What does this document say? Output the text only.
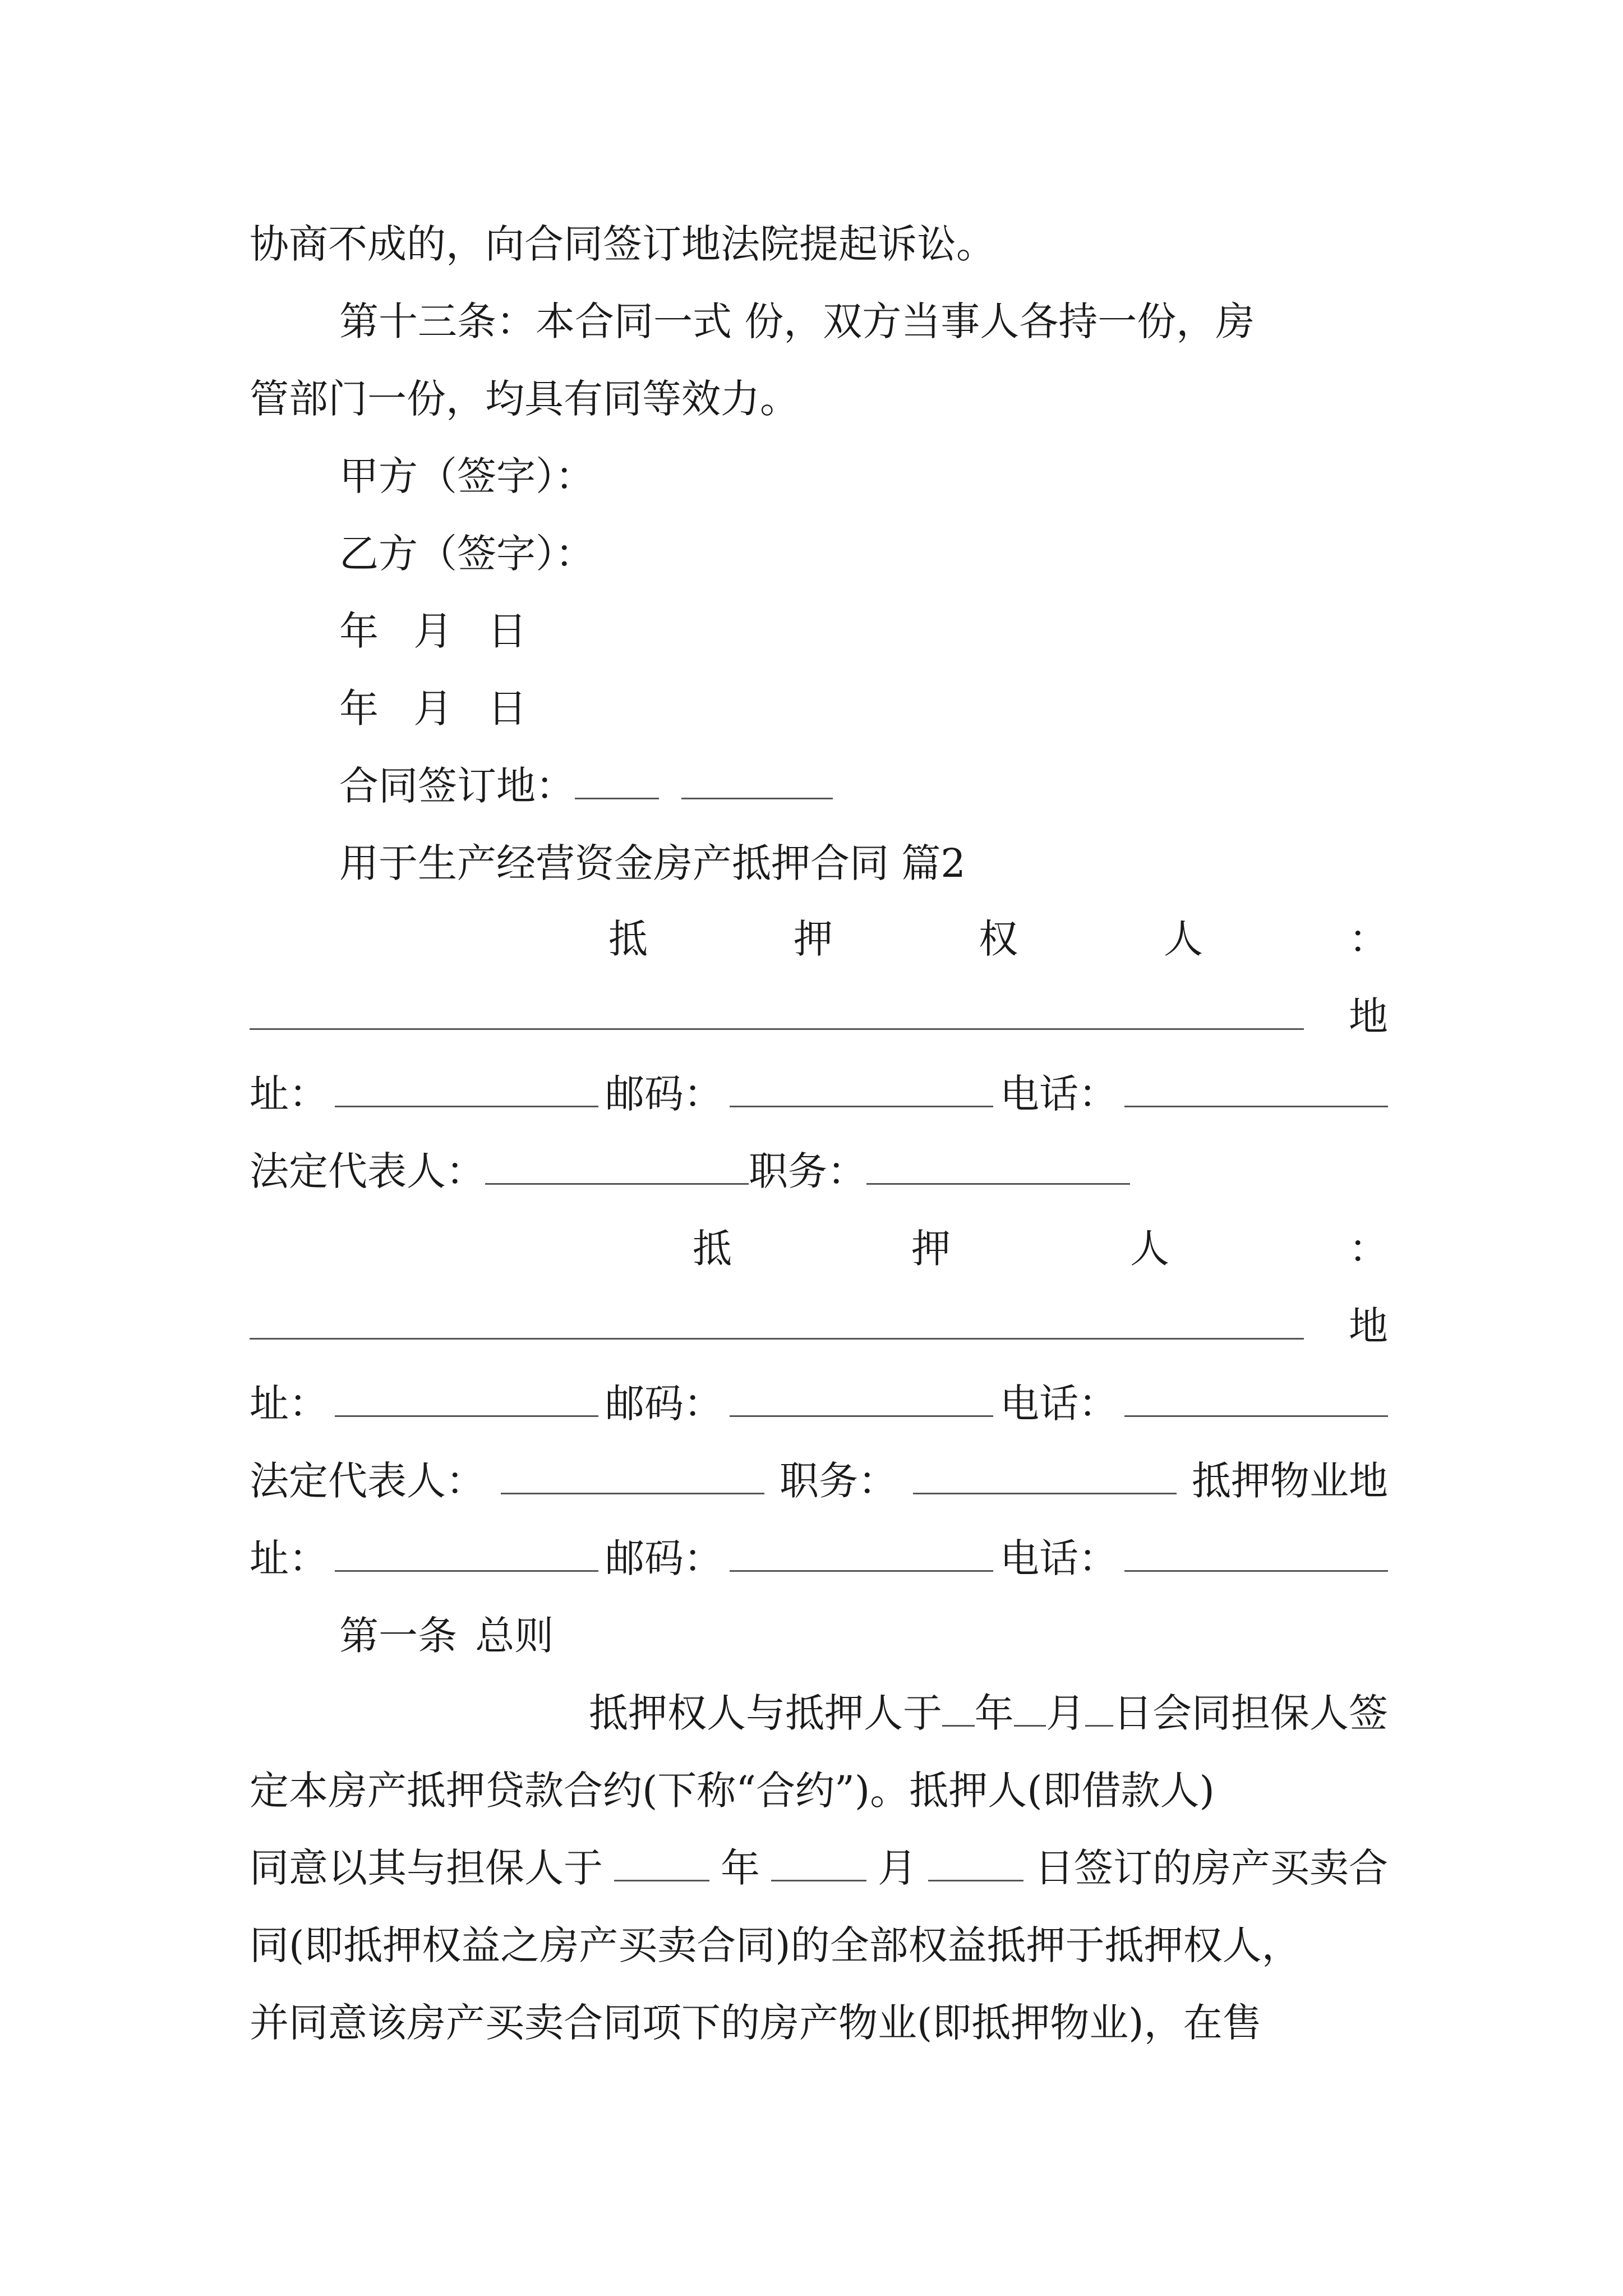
协商不成的，向合同签订地法院提起诉讼。
第十三条：本合同一式 份，双方当事人各持一份，房
管部门一份，均具有同等效力。
甲方（签字）：
乙方（签字）：
年 月 日
年 月 日
合同签订地：
用于生产经营资金房产抵押合同 篇2
抵	押	权	人	：
地
址：	邮码：	电话：
法定代表人：	职务：
抵	押	人	：
地
址：	邮码：	电话：
法定代表人：	职务：	抵押物业地
址：	邮码：	电话：
第一条 总则
抵押权人与抵押人于 年 月 日会同担保人签
定本房产抵押贷款合约(下称“合约”)。抵押人(即借款人)
同意以其与担保人于	年	月	日签订的房产买卖合
同(即抵押权益之房产买卖合同)的全部权益抵押于抵押权人，
并同意该房产买卖合同项下的房产物业(即抵押物业)，在售
